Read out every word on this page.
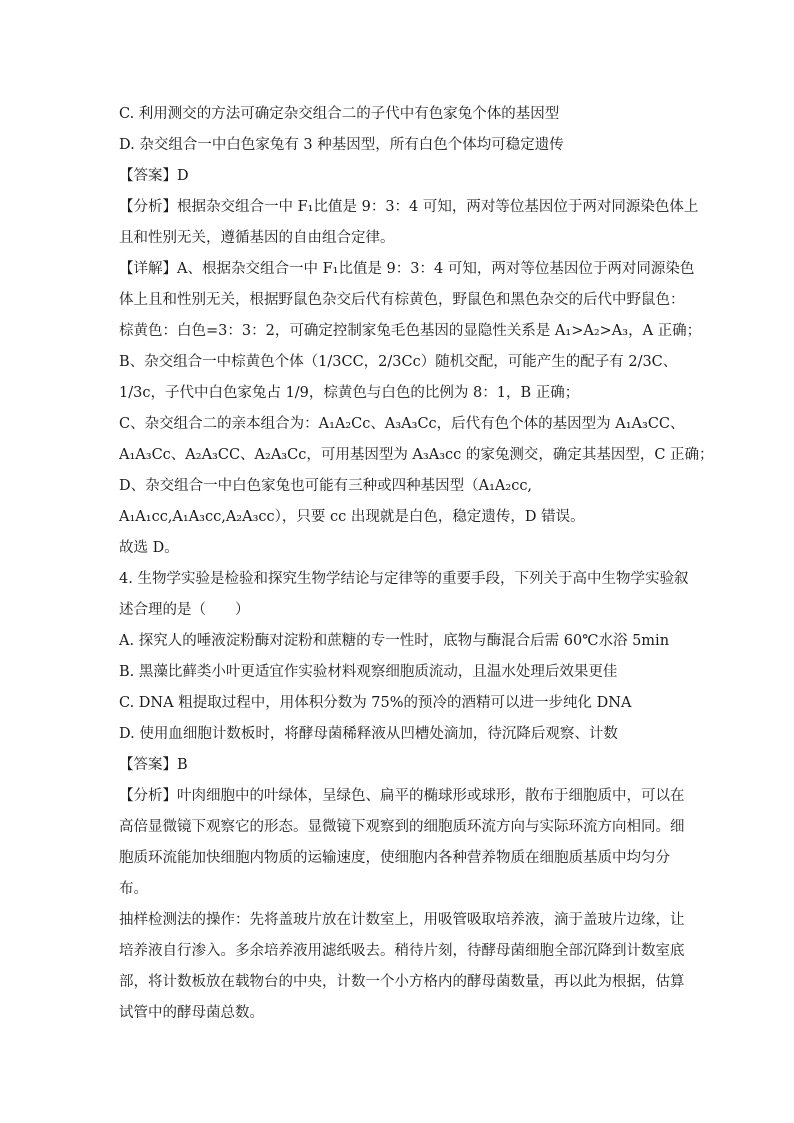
C. 利用测交的方法可确定杂交组合二的子代中有色家兔个体的基因型
D. 杂交组合一中白色家兔有 3 种基因型，所有白色个体均可稳定遗传
【答案】D
【分析】根据杂交组合一中 F₁比值是 9：3：4 可知，两对等位基因位于两对同源染色体上
且和性别无关，遵循基因的自由组合定律。
【详解】A、根据杂交组合一中 F₁比值是 9：3：4 可知，两对等位基因位于两对同源染色
体上且和性别无关，根据野鼠色杂交后代有棕黄色，野鼠色和黑色杂交的后代中野鼠色：
棕黄色：白色=3：3：2，可确定控制家兔毛色基因的显隐性关系是 A₁>A₂>A₃，A 正确；
B、杂交组合一中棕黄色个体（1/3CC，2/3Cc）随机交配，可能产生的配子有 2/3C、
1/3c，子代中白色家兔占 1/9，棕黄色与白色的比例为 8：1，B 正确；
C、杂交组合二的亲本组合为：A₁A₂Cc、A₃A₃Cc，后代有色个体的基因型为 A₁A₃CC、
A₁A₃Cc、A₂A₃CC、A₂A₃Cc，可用基因型为 A₃A₃cc 的家兔测交，确定其基因型，C 正确；
D、杂交组合一中白色家兔也可能有三种或四种基因型（A₁A₂cc,
A₁A₁cc,A₁A₃cc,A₂A₃cc），只要 cc 出现就是白色，稳定遗传，D 错误。
故选 D。
4. 生物学实验是检验和探究生物学结论与定律等的重要手段，下列关于高中生物学实验叙
述合理的是（　　）
A. 探究人的唾液淀粉酶对淀粉和蔗糖的专一性时，底物与酶混合后需 60℃水浴 5min
B. 黑藻比藓类小叶更适宜作实验材料观察细胞质流动，且温水处理后效果更佳
C. DNA 粗提取过程中，用体积分数为 75%的预冷的酒精可以进一步纯化 DNA
D. 使用血细胞计数板时，将酵母菌稀释液从凹槽处滴加，待沉降后观察、计数
【答案】B
【分析】叶肉细胞中的叶绿体，呈绿色、扁平的椭球形或球形，散布于细胞质中，可以在
高倍显微镜下观察它的形态。显微镜下观察到的细胞质环流方向与实际环流方向相同。细
胞质环流能加快细胞内物质的运输速度，使细胞内各种营养物质在细胞质基质中均匀分
布。
抽样检测法的操作：先将盖玻片放在计数室上，用吸管吸取培养液，滴于盖玻片边缘，让
培养液自行渗入。多余培养液用滤纸吸去。稍待片刻，待酵母菌细胞全部沉降到计数室底
部，将计数板放在载物台的中央，计数一个小方格内的酵母菌数量，再以此为根据，估算
试管中的酵母菌总数。
